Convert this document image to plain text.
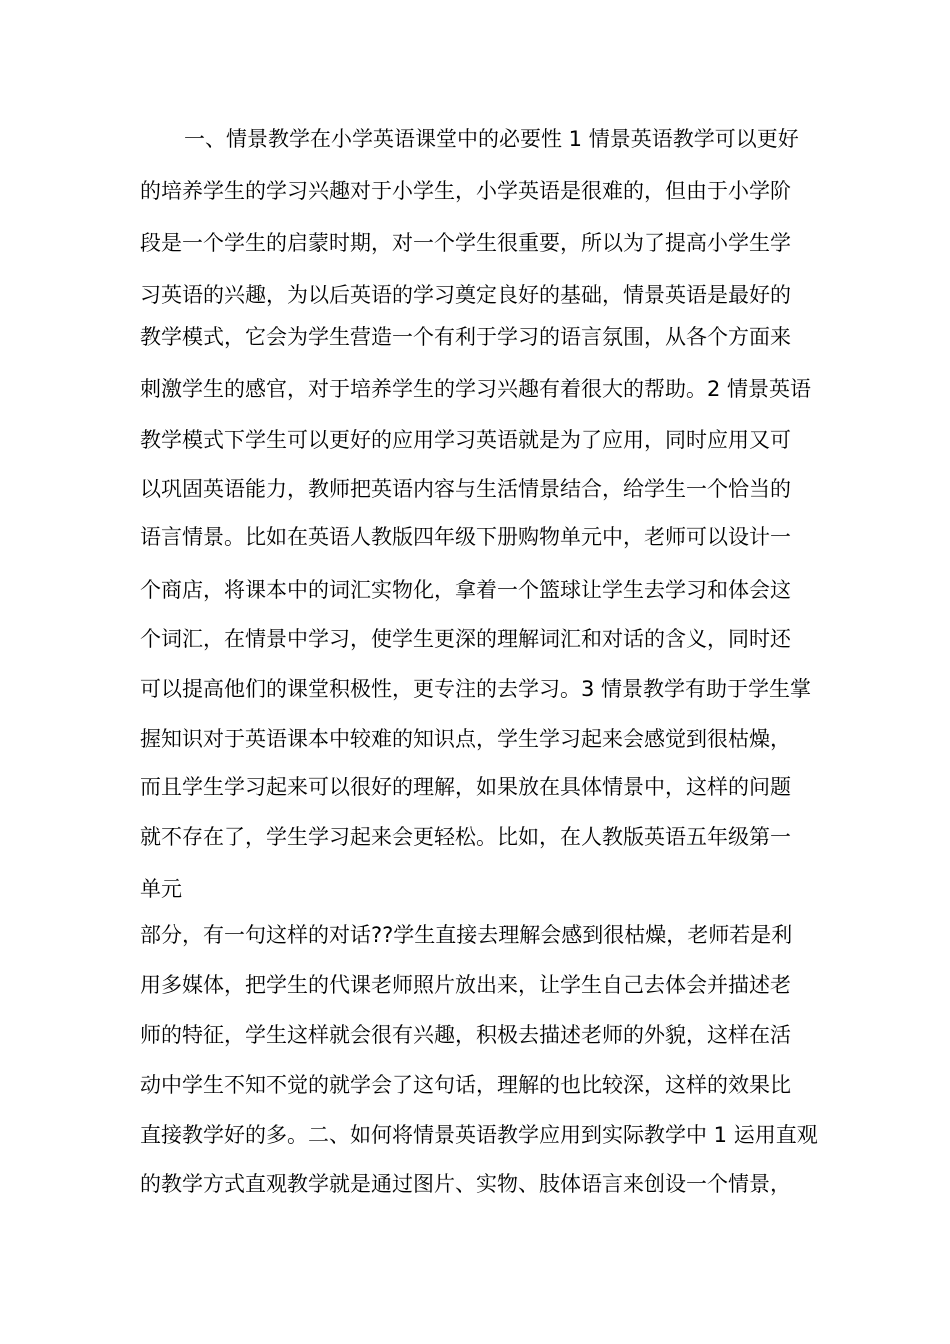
一、情景教学在小学英语课堂中的必要性 1 情景英语教学可以更好
的培养学生的学习兴趣对于小学生，小学英语是很难的，但由于小学阶
段是一个学生的启蒙时期，对一个学生很重要，所以为了提高小学生学
习英语的兴趣，为以后英语的学习奠定良好的基础，情景英语是最好的
教学模式，它会为学生营造一个有利于学习的语言氛围，从各个方面来
刺激学生的感官，对于培养学生的学习兴趣有着很大的帮助。2 情景英语
教学模式下学生可以更好的应用学习英语就是为了应用，同时应用又可
以巩固英语能力，教师把英语内容与生活情景结合，给学生一个恰当的
语言情景。比如在英语人教版四年级下册购物单元中，老师可以设计一
个商店，将课本中的词汇实物化，拿着一个篮球让学生去学习和体会这
个词汇，在情景中学习，使学生更深的理解词汇和对话的含义，同时还
可以提高他们的课堂积极性，更专注的去学习。3 情景教学有助于学生掌
握知识对于英语课本中较难的知识点，学生学习起来会感觉到很枯燥，
而且学生学习起来可以很好的理解，如果放在具体情景中，这样的问题
就不存在了，学生学习起来会更轻松。比如，在人教版英语五年级第一
单元
部分，有一句这样的对话??学生直接去理解会感到很枯燥，老师若是利
用多媒体，把学生的代课老师照片放出来，让学生自己去体会并描述老
师的特征，学生这样就会很有兴趣，积极去描述老师的外貌，这样在活
动中学生不知不觉的就学会了这句话，理解的也比较深，这样的效果比
直接教学好的多。二、如何将情景英语教学应用到实际教学中 1 运用直观
的教学方式直观教学就是通过图片、实物、肢体语言来创设一个情景，
